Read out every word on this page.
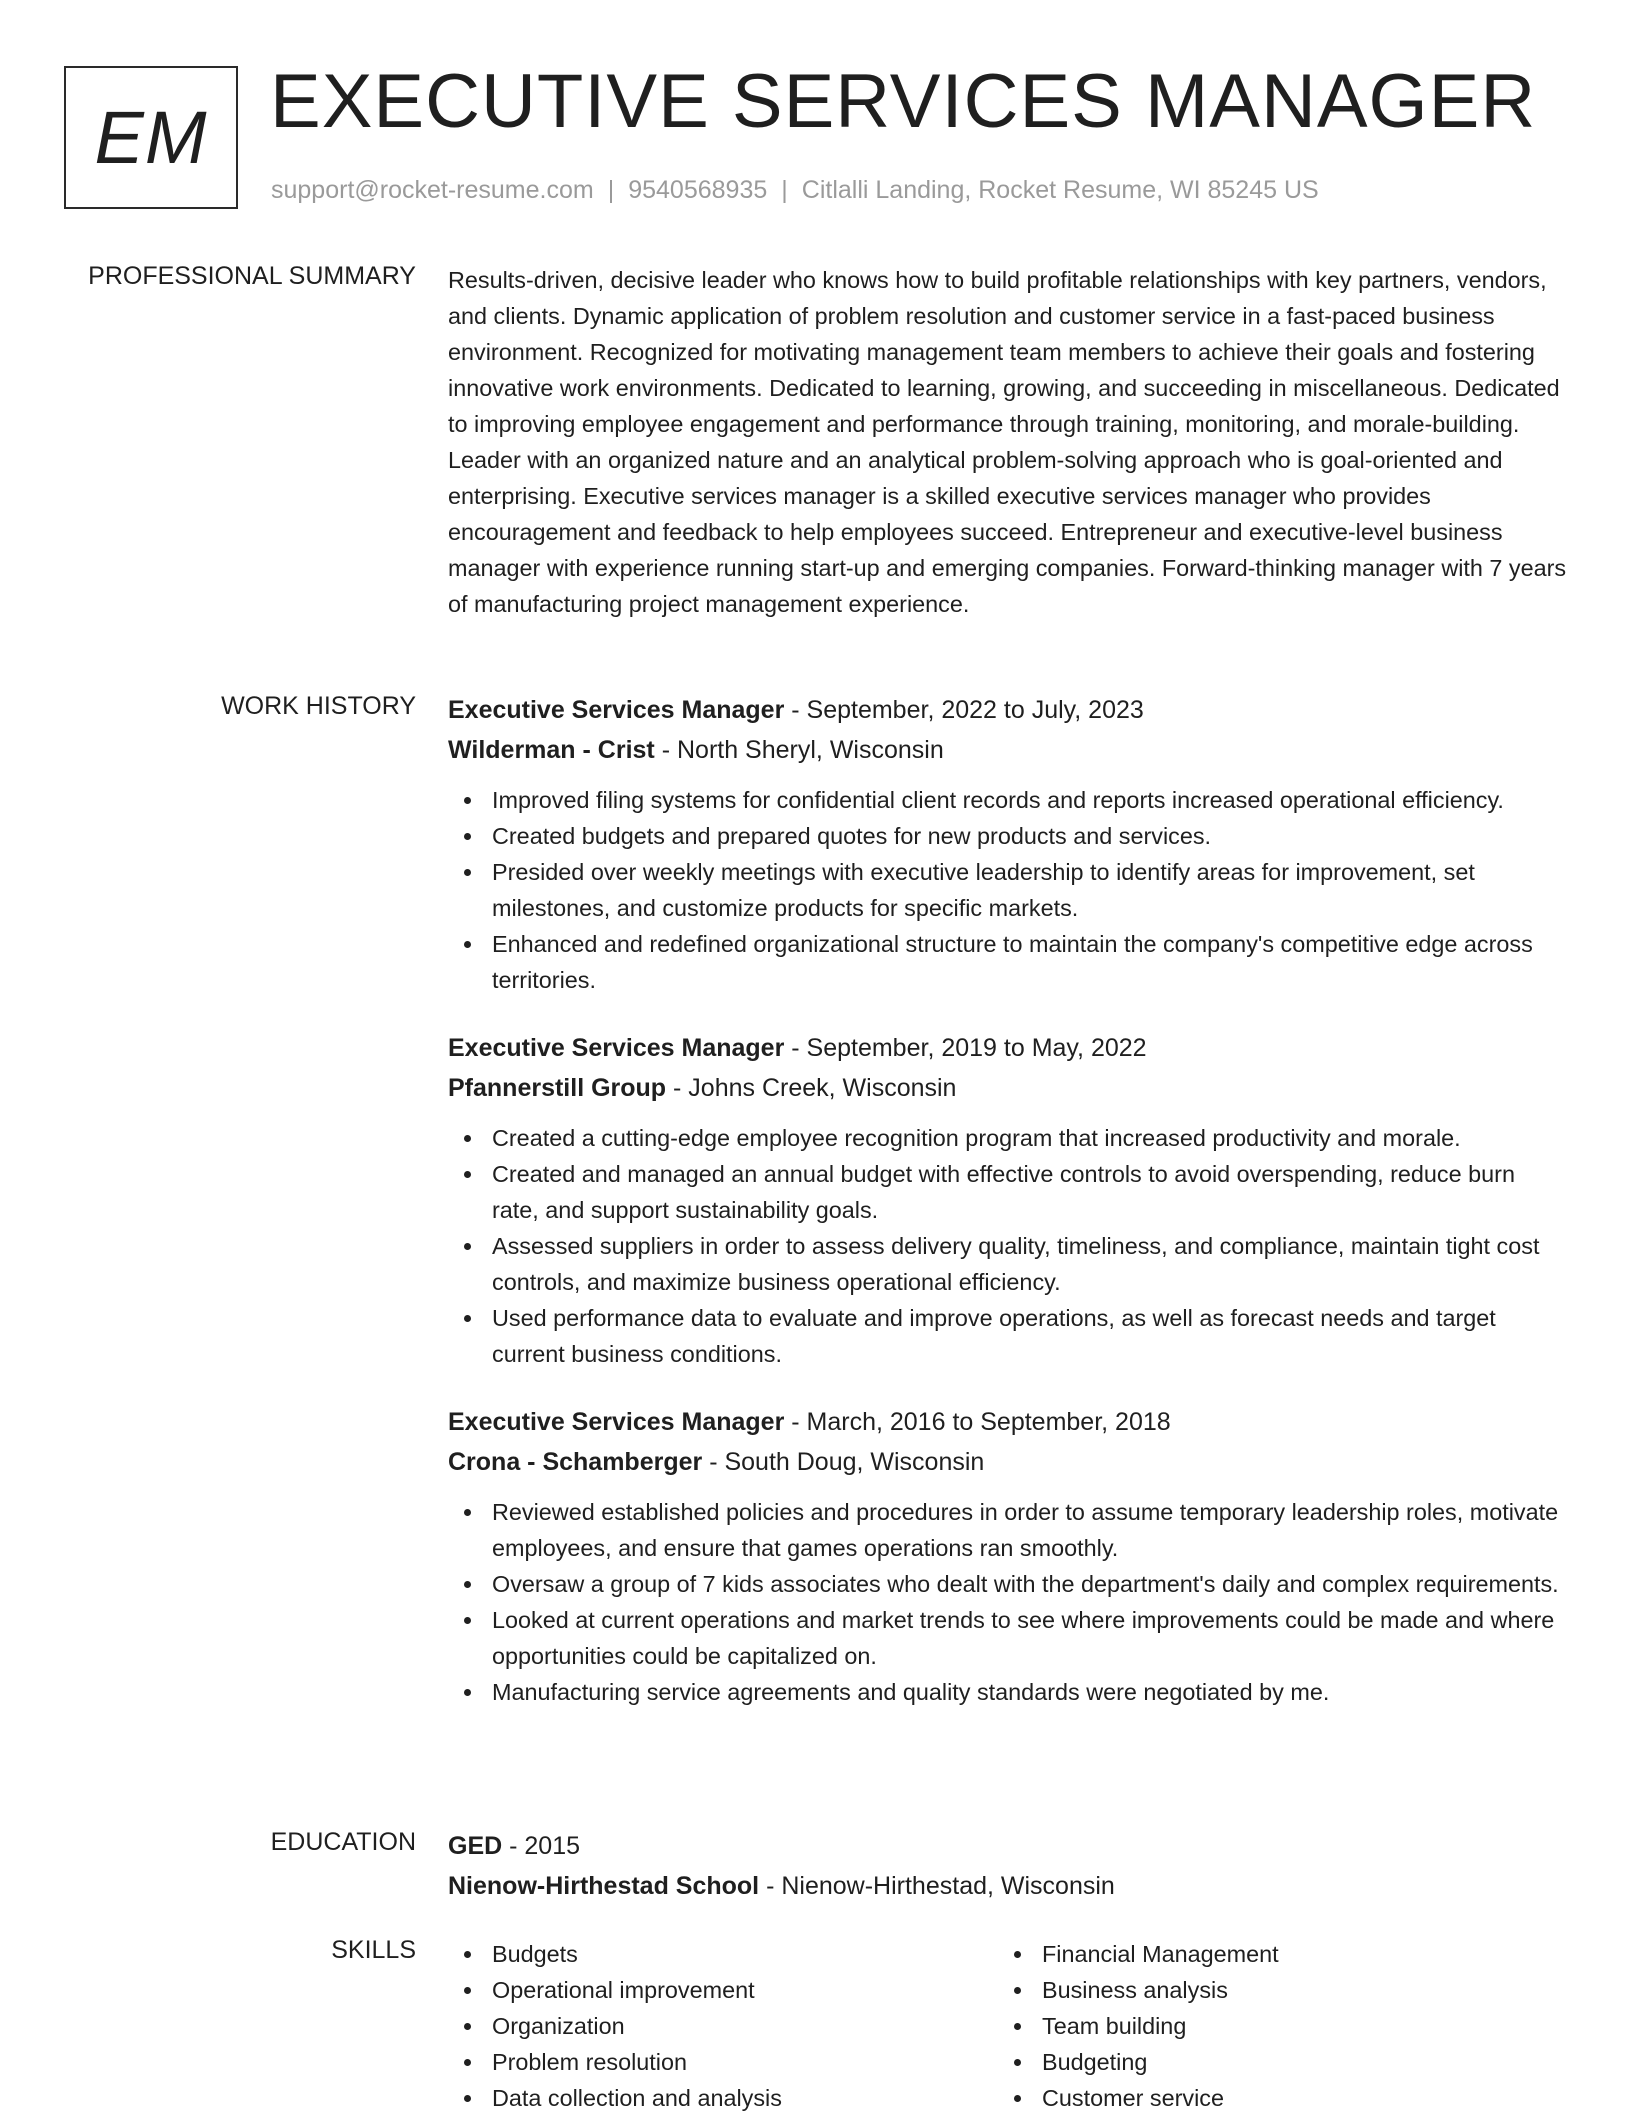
EM EXECUTIVE SERVICES MANAGER
support@rocket-resume.com | 9540568935 | Citlalli Landing, Rocket Resume, WI 85245 US
PROFESSIONAL SUMMARY Results-driven, decisive leader who knows how to build profitable relationships with key partners, vendors, and clients. Dynamic application of problem resolution and customer service in a fast-paced business environment. Recognized for motivating management team members to achieve their goals and fostering innovative work environments. Dedicated to learning, growing, and succeeding in miscellaneous. Dedicated to improving employee engagement and performance through training, monitoring, and morale-building. Leader with an organized nature and an analytical problem-solving approach who is goal-oriented and enterprising. Executive services manager is a skilled executive services manager who provides encouragement and feedback to help employees succeed. Entrepreneur and executive-level business manager with experience running start-up and emerging companies. Forward-thinking manager with 7 years of manufacturing project management experience.

WORK HISTORY Executive Services Manager - September, 2022 to July, 2023
Wilderman - Crist - North Sheryl, Wisconsin
Improved filing systems for confidential client records and reports increased operational efficiency.
Created budgets and prepared quotes for new products and services.
Presided over weekly meetings with executive leadership to identify areas for improvement, set milestones, and customize products for specific markets.
Enhanced and redefined organizational structure to maintain the company's competitive edge across territories.
Executive Services Manager - September, 2019 to May, 2022
Pfannerstill Group - Johns Creek, Wisconsin
Created a cutting-edge employee recognition program that increased productivity and morale.
Created and managed an annual budget with effective controls to avoid overspending, reduce burn rate, and support sustainability goals.
Assessed suppliers in order to assess delivery quality, timeliness, and compliance, maintain tight cost controls, and maximize business operational efficiency.
Used performance data to evaluate and improve operations, as well as forecast needs and target current business conditions.
Executive Services Manager - March, 2016 to September, 2018
Crona - Schamberger - South Doug, Wisconsin
Reviewed established policies and procedures in order to assume temporary leadership roles, motivate employees, and ensure that games operations ran smoothly.
Oversaw a group of 7 kids associates who dealt with the department's daily and complex requirements.
Looked at current operations and market trends to see where improvements could be made and where opportunities could be capitalized on.
Manufacturing service agreements and quality standards were negotiated by me.
EDUCATION GED - 2015
Nienow-Hirthestad School - Nienow-Hirthestad, Wisconsin
SKILLS	Budgets
Operational improvement
Organization
Problem resolution
Data collection and analysis
Financial Management
Business analysis
Team building
Budgeting
Customer service
